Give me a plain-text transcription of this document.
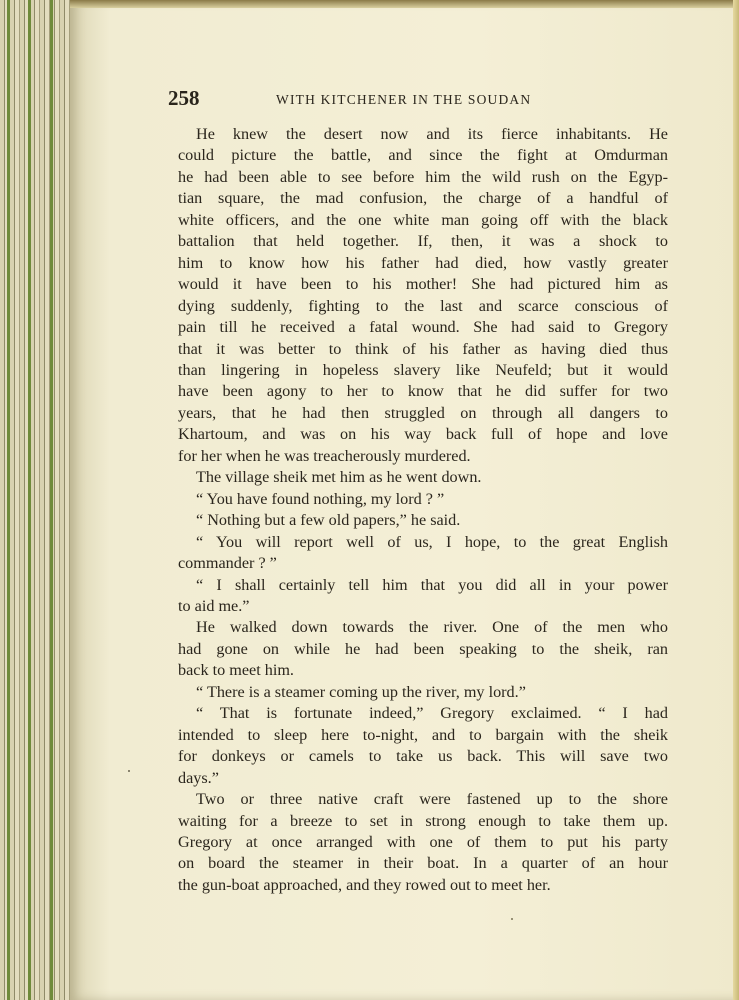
258	WITH KITCHENER IN THE SOUDAN

He knew the desert now and its fierce inhabitants. He

could picture the battle, and since the fight at Omdurman

he had been able to see before him the wild rush on the Egyp-

tian square, the mad confusion, the charge of a handful of

white officers, and the one white man going off with the black

battalion that held together. If, then, it was a shock to

him to know how his father had died, how vastly greater

would it have been to his mother! She had pictured him as

dying suddenly, fighting to the last and scarce conscious of

pain till he received a fatal wound. She had said to Gregory

that it was better to think of his father as having died thus

than lingering in hopeless slavery like Neufeld; but it would

have been agony to her to know that he did suffer for two

years, that he had then struggled on through all dangers to

Khartoum, and was on his way back full of hope and love

for her when he was treacherously murdered.

The village sheik met him as he went down.

“ You have found nothing, my lord ? ”

“ Nothing but a few old papers,” he said.

“ You will report well of us, I hope, to the great English

commander ? ”

“ I shall certainly tell him that you did all in your power

to aid me.”

He walked down towards the river. One of the men who

had gone on while he had been speaking to the sheik, ran

back to meet him.

“ There is a steamer coming up the river, my lord.”

“ That is fortunate indeed,” Gregory exclaimed. “ I had

intended to sleep here to-night, and to bargain with the sheik

for donkeys or camels to take us back. This will save two

days.”

Two or three native craft were fastened up to the shore

waiting for a breeze to set in strong enough to take them up.

Gregory at once arranged with one of them to put his party

on board the steamer in their boat. In a quarter of an hour

the gun-boat approached, and they rowed out to meet her.
